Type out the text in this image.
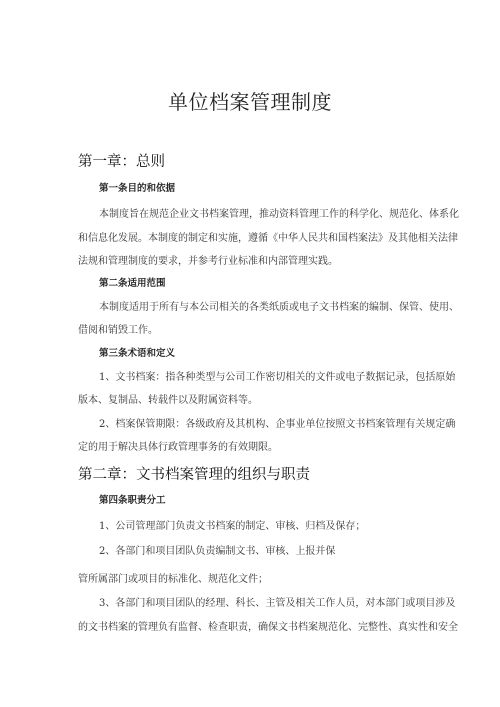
单位档案管理制度
第一章：总则
第一条目的和依据
本制度旨在规范企业文书档案管理，推动资料管理工作的科学化、规范化、体系化
和信息化发展。本制度的制定和实施，遵循《中华人民共和国档案法》及其他相关法律
法规和管理制度的要求，并参考行业标准和内部管理实践。
第二条适用范围
本制度适用于所有与本公司相关的各类纸质或电子文书档案的编制、保管、使用、
借阅和销毁工作。
第三条术语和定义
1、文书档案：指各种类型与公司工作密切相关的文件或电子数据记录，包括原始
版本、复制品、转载件以及附属资料等。
2、档案保管期限：各级政府及其机构、企事业单位按照文书档案管理有关规定确
定的用于解决具体行政管理事务的有效期限。
第二章：文书档案管理的组织与职责
第四条职责分工
1、公司管理部门负责文书档案的制定、审核、归档及保存；
2、各部门和项目团队负责编制文书、审核、上报并保
管所属部门或项目的标准化、规范化文件；
3、各部门和项目团队的经理、科长、主管及相关工作人员，对本部门或项目涉及
的文书档案的管理负有监督、检查职责，确保文书档案规范化、完整性、真实性和安全
